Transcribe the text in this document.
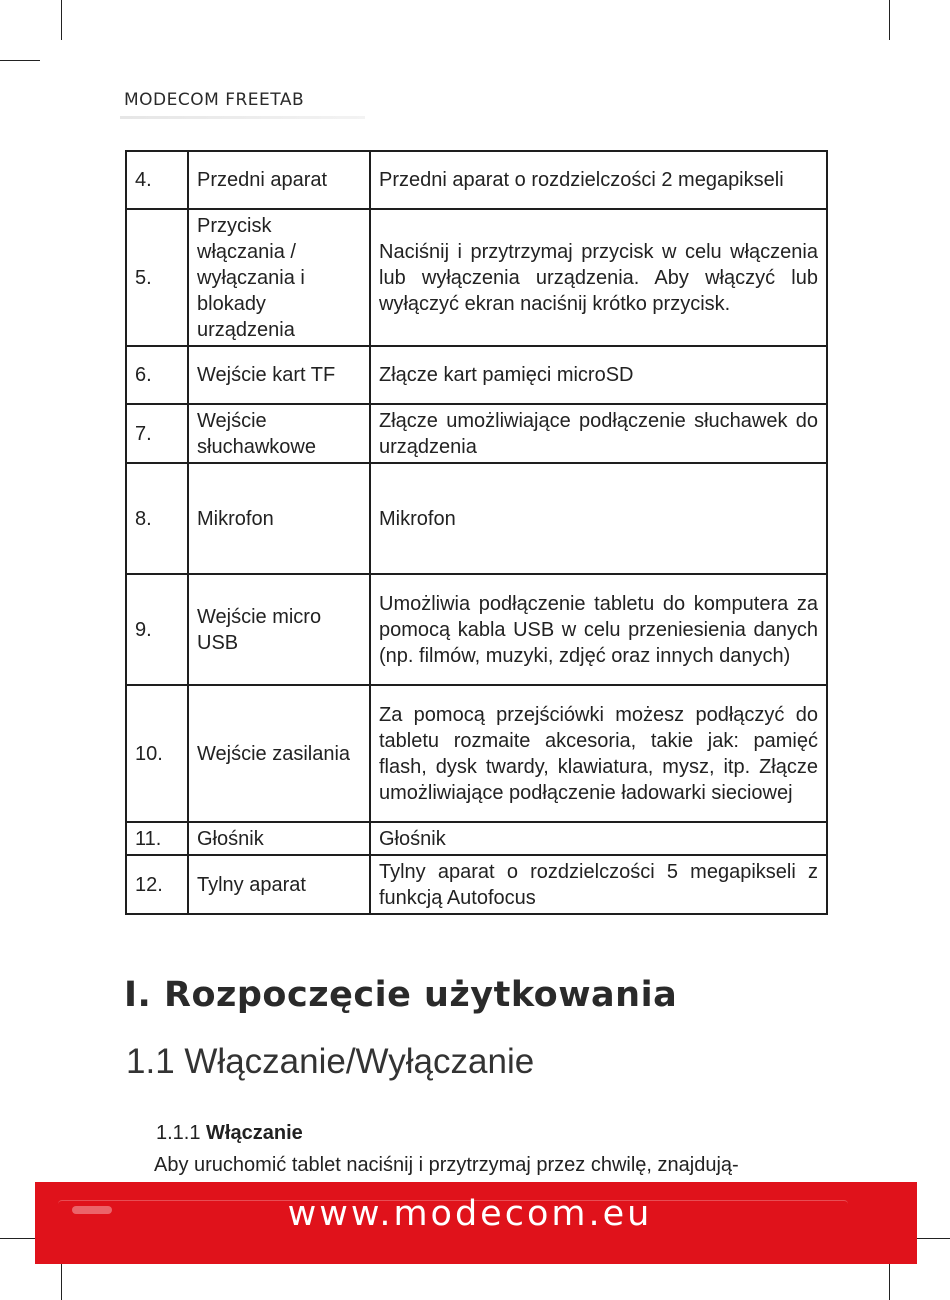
MODECOM FREETAB
4.	Przedni aparat	Przedni aparat o rozdzielczości 2 megapikseli
5.	Przycisk włączania / wyłączania i blokady urządzenia	Naciśnij i przytrzymaj przycisk w celu włączenia lub wyłączenia urządzenia. Aby włączyć lub wyłączyć ekran naciśnij krótko przycisk.
6.	Wejście kart TF	Złącze kart pamięci microSD
7.	Wejście słuchawkowe	Złącze umożliwiające podłączenie słuchawek do urządzenia
8.	Mikrofon	Mikrofon
9.	Wejście micro USB	Umożliwia podłączenie tabletu do komputera za pomocą kabla USB w celu przeniesienia danych (np. filmów, muzyki, zdjęć oraz innych danych)
10.	Wejście zasilania	Za pomocą przejściówki możesz podłączyć do tabletu rozmaite akcesoria, takie jak: pamięć flash, dysk twardy, klawiatura, mysz, itp. Złącze umożliwiające podłączenie ładowarki sieciowej
11.	Głośnik	Głośnik
12.	Tylny aparat	Tylny aparat o rozdzielczości 5 megapikseli z funkcją Autofocus
I. Rozpoczęcie użytkowania
1.1 Włączanie/Wyłączanie
1.1.1 Włączanie
Aby uruchomić tablet naciśnij i przytrzymaj przez chwilę, znajdują-
www.modecom.eu
